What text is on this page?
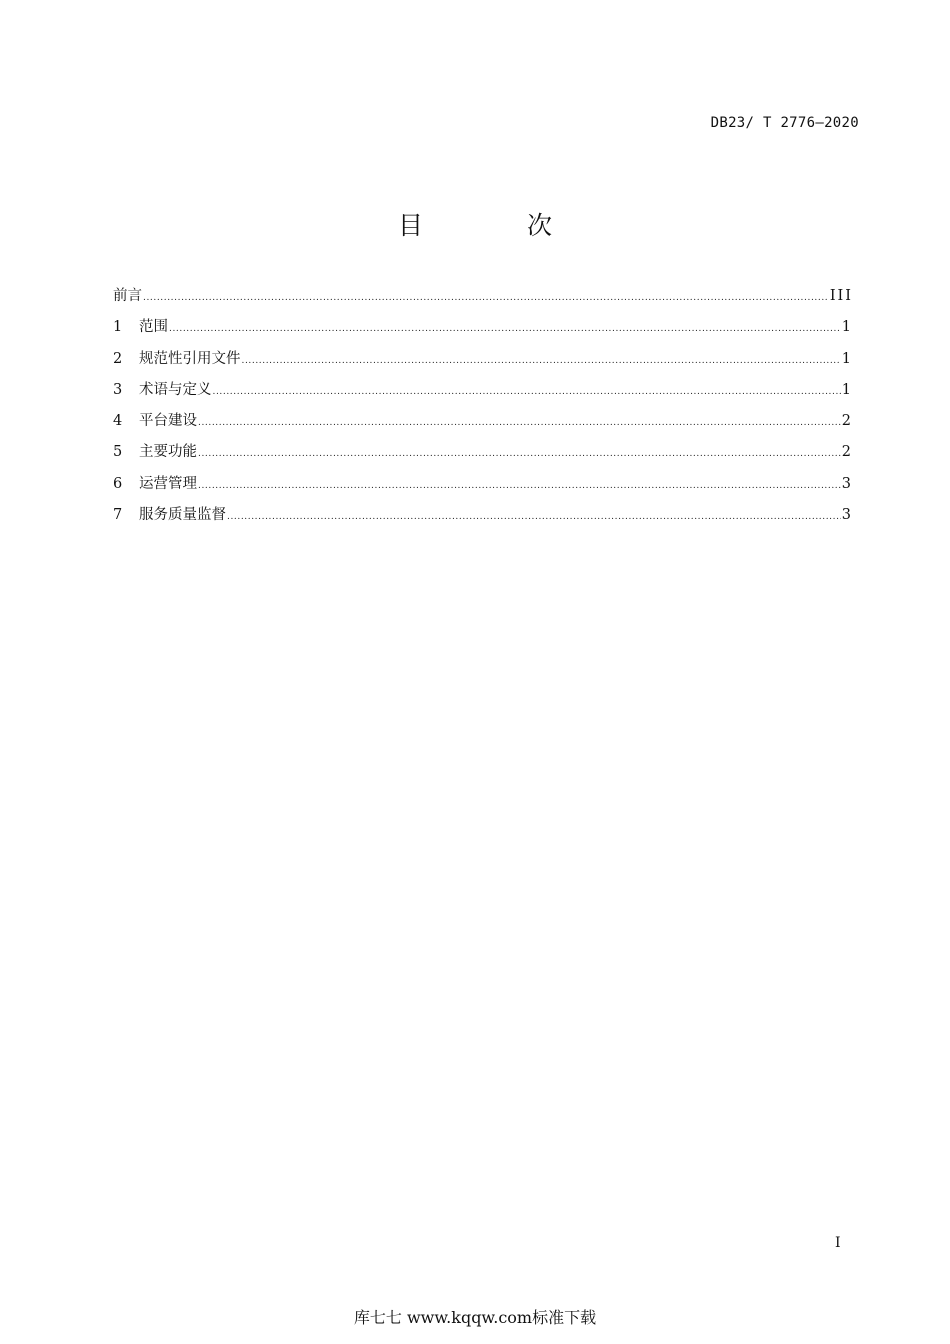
DB23/ T 2776—2020
目 次
前言 .....	III
1	范围 .....	1
2	规范性引用文件 .....	1
3	术语与定义 .....	1
4	平台建设 .....	2
5	主要功能 .....	2
6	运营管理 .....	3
7	服务质量监督 .....	3
I
库七七 www.kqqw.com标准下载
